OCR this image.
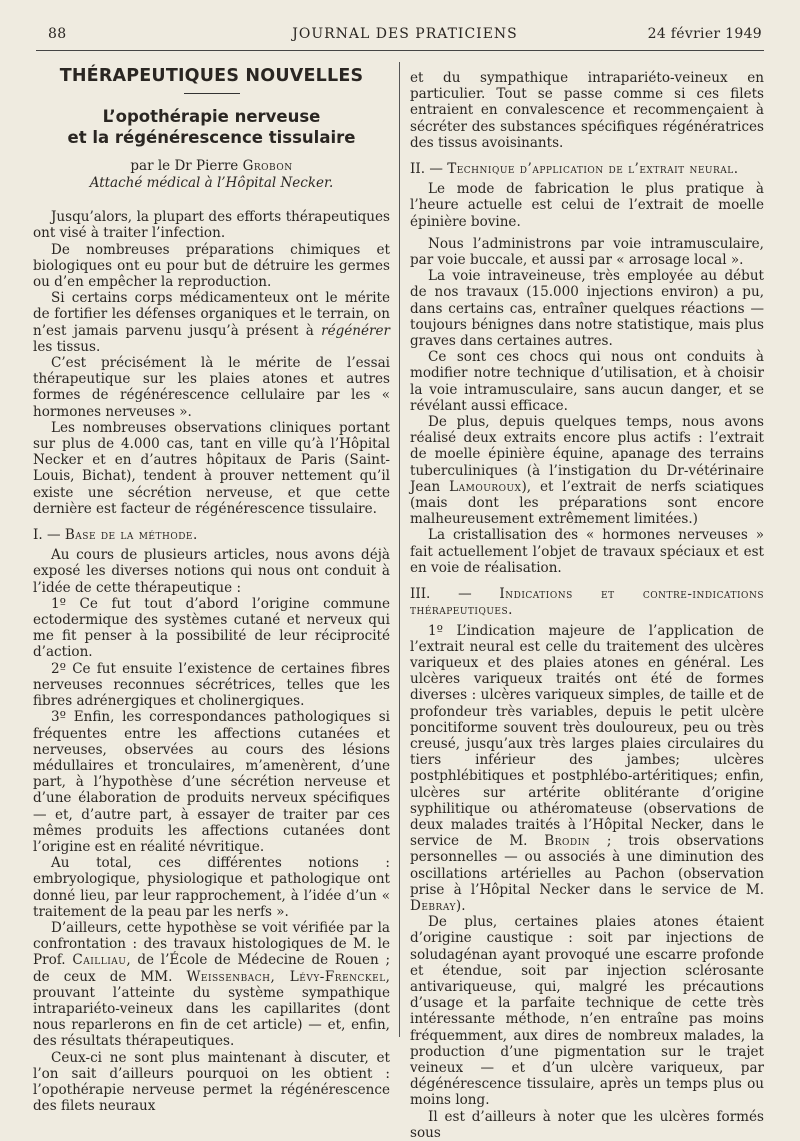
88	JOURNAL DES PRATICIENS	24 février 1949
THÉRAPEUTIQUES NOUVELLES
L’opothérapie nerveuse
et la régénérescence tissulaire
par le Dr Pierre Grobon
Attaché médical à l’Hôpital Necker.

Jusqu’alors, la plupart des efforts thérapeutiques ont visé à traiter l’infection.

De nombreuses préparations chimiques et biologiques ont eu pour but de détruire les germes ou d’en empêcher la reproduction.

Si certains corps médicamenteux ont le mérite de fortifier les défenses organiques et le terrain, on n’est jamais parvenu jusqu’à présent à régénérer les tissus.

C’est précisément là le mérite de l’essai thérapeutique sur les plaies atones et autres formes de régénérescence cellulaire par les « hormones nerveuses ».

Les nombreuses observations cliniques portant sur plus de 4.000 cas, tant en ville qu’à l’Hôpital Necker et en d’autres hôpitaux de Paris (Saint-Louis, Bichat), tendent à prouver nettement qu’il existe une sécrétion nerveuse, et que cette dernière est facteur de régénérescence tissulaire.

I. — Base de la méthode.

Au cours de plusieurs articles, nous avons déjà exposé les diverses notions qui nous ont conduit à l’idée de cette thérapeutique :

1º Ce fut tout d’abord l’origine commune ectodermique des systèmes cutané et nerveux qui me fit penser à la possibilité de leur réciprocité d’action.

2º Ce fut ensuite l’existence de certaines fibres nerveuses reconnues sécrétrices, telles que les fibres adrénergiques et cholinergiques.

3º Enfin, les correspondances pathologiques si fréquentes entre les affections cutanées et nerveuses, observées au cours des lésions médullaires et tronculaires, m’amenèrent, d’une part, à l’hypothèse d’une sécrétion nerveuse et d’une élaboration de produits nerveux spécifiques — et, d’autre part, à essayer de traiter par ces mêmes produits les affections cutanées dont l’origine est en réalité névritique.

Au total, ces différentes notions : embryologique, physiologique et pathologique ont donné lieu, par leur rapprochement, à l’idée d’un « traitement de la peau par les nerfs ».

D’ailleurs, cette hypothèse se voit vérifiée par la confrontation : des travaux histologiques de M. le Prof. Cailliau, de l’École de Médecine de Rouen ; de ceux de MM. Weissenbach, Lévy-Frenckel, prouvant l’atteinte du système sympathique intrapariéto-veineux dans les capillarites (dont nous reparlerons en fin de cet article) — et, enfin, des résultats thérapeutiques.

Ceux-ci ne sont plus maintenant à discuter, et l’on sait d’ailleurs pourquoi on les obtient : l’opothérapie nerveuse permet la régénérescence des filets neuraux

et du sympathique intrapariéto-veineux en particulier. Tout se passe comme si ces filets entraient en convalescence et recommençaient à sécréter des substances spécifiques régénératrices des tissus avoisinants.

II. — Technique d’application de l’extrait neural.

Le mode de fabrication le plus pratique à l’heure actuelle est celui de l’extrait de moelle épinière bovine.

Nous l’administrons par voie intramusculaire, par voie buccale, et aussi par « arrosage local ».

La voie intraveineuse, très employée au début de nos travaux (15.000 injections environ) a pu, dans certains cas, entraîner quelques réactions — toujours bénignes dans notre statistique, mais plus graves dans certaines autres.

Ce sont ces chocs qui nous ont conduits à modifier notre technique d’utilisation, et à choisir la voie intramusculaire, sans aucun danger, et se révélant aussi efficace.

De plus, depuis quelques temps, nous avons réalisé deux extraits encore plus actifs : l’extrait de moelle épinière équine, apanage des terrains tuberculiniques (à l’instigation du Dr-vétérinaire Jean Lamouroux), et l’extrait de nerfs sciatiques (mais dont les préparations sont encore malheureusement extrêmement limitées.)

La cristallisation des « hormones nerveuses » fait actuellement l’objet de travaux spéciaux et est en voie de réalisation.

III. — Indications et contre-indications thérapeutiques.

1º L’indication majeure de l’application de l’extrait neural est celle du traitement des ulcères variqueux et des plaies atones en général. Les ulcères variqueux traités ont été de formes diverses : ulcères variqueux simples, de taille et de profondeur très variables, depuis le petit ulcère poncitiforme souvent très douloureux, peu ou très creusé, jusqu’aux très larges plaies circulaires du tiers inférieur des jambes; ulcères postphlébitiques et postphlébo-artéritiques; enfin, ulcères sur artérite oblitérante d’origine syphilitique ou athéromateuse (observations de deux malades traités à l’Hôpital Necker, dans le service de M. Brodin ; trois observations personnelles — ou associés à une diminution des oscillations artérielles au Pachon (observation prise à l’Hôpital Necker dans le service de M. Debray).

De plus, certaines plaies atones étaient d’origine caustique : soit par injections de soludagénan ayant provoqué une escarre profonde et étendue, soit par injection sclérosante antivariqueuse, qui, malgré les précautions d’usage et la parfaite technique de cette très intéressante méthode, n’en entraîne pas moins fréquemment, aux dires de nombreux malades, la production d’une pigmentation sur le trajet veineux — et d’un ulcère variqueux, par dégénérescence tissulaire, après un temps plus ou moins long.

Il est d’ailleurs à noter que les ulcères formés sous
